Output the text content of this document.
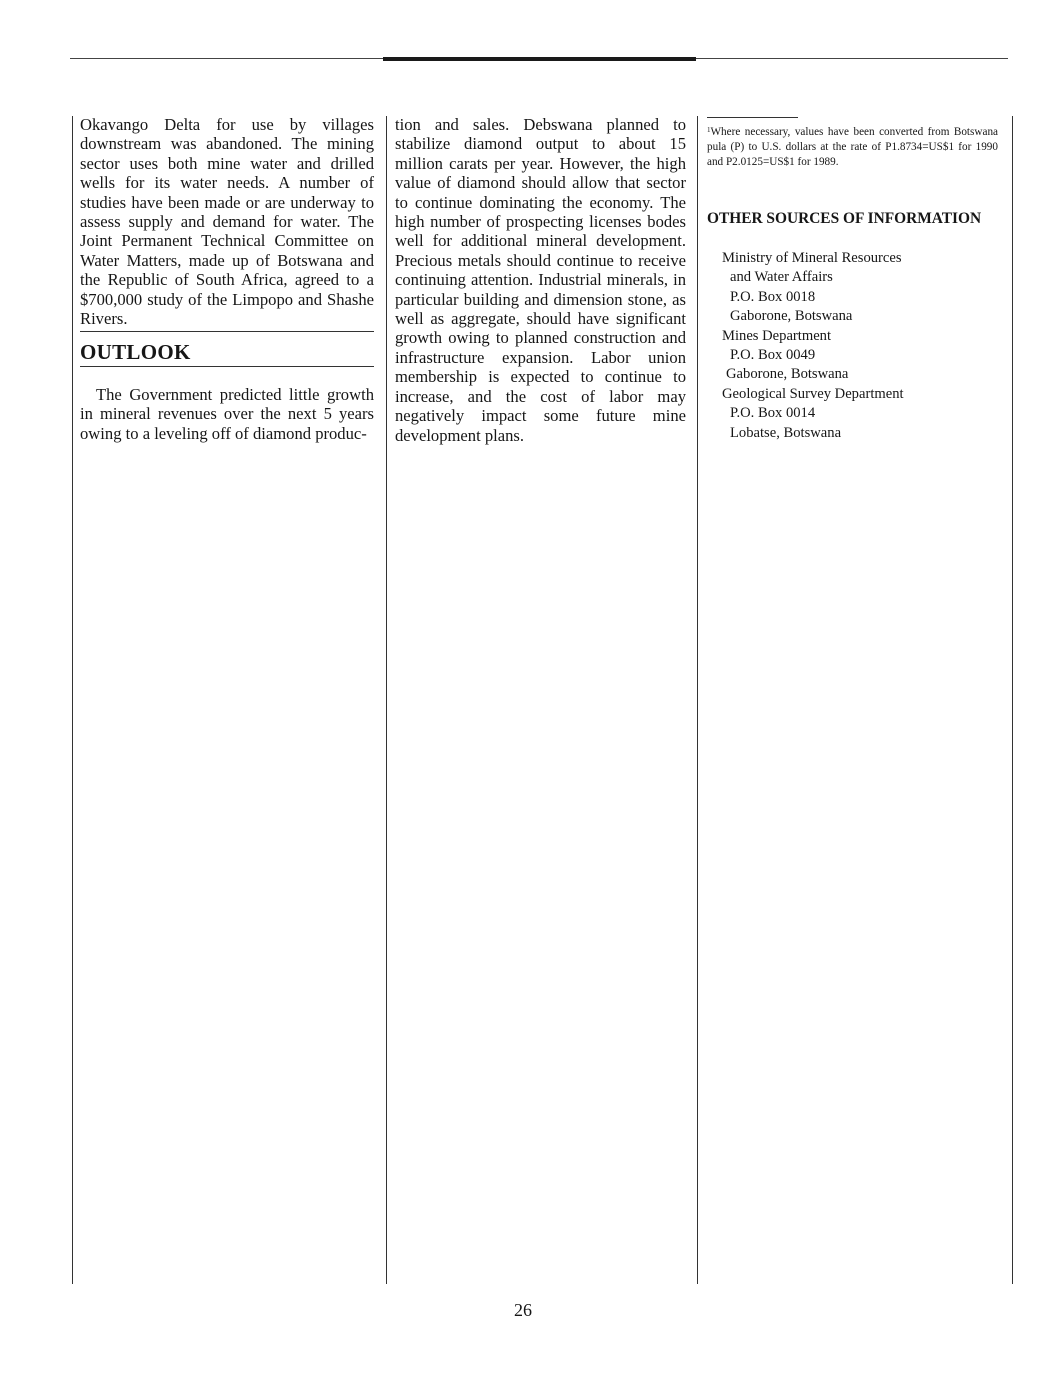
Okavango Delta for use by villages downstream was abandoned. The mining sector uses both mine water and drilled wells for its water needs. A number of studies have been made or are underway to assess supply and demand for water. The Joint Permanent Technical Committee on Water Matters, made up of Botswana and the Republic of South Africa, agreed to a $700,000 study of the Limpopo and Shashe Rivers.

OUTLOOK

The Government predicted little growth in mineral revenues over the next 5 years owing to a leveling off of diamond produc-

tion and sales. Debswana planned to stabilize diamond output to about 15 million carats per year. However, the high value of diamond should allow that sector to continue dominating the economy. The high number of prospecting licenses bodes well for additional mineral development. Precious metals should continue to receive continuing attention. Industrial minerals, in particular building and dimension stone, as well as aggregate, should have significant growth owing to planned construction and infrastructure expansion. Labor union membership is expected to continue to increase, and the cost of labor may negatively impact some future mine development plans.

$^1$Where necessary, values have been converted from Botswana pula (P) to U.S. dollars at the rate of P1.8734=US$1 for 1990 and P2.0125=US$1 for 1989.

OTHER SOURCES OF INFORMATION
Ministry of Mineral Resources
and Water Affairs
P.O. Box 0018
Gaborone, Botswana
Mines Department
P.O. Box 0049
Gaborone, Botswana
Geological Survey Department
P.O. Box 0014
Lobatse, Botswana
26
